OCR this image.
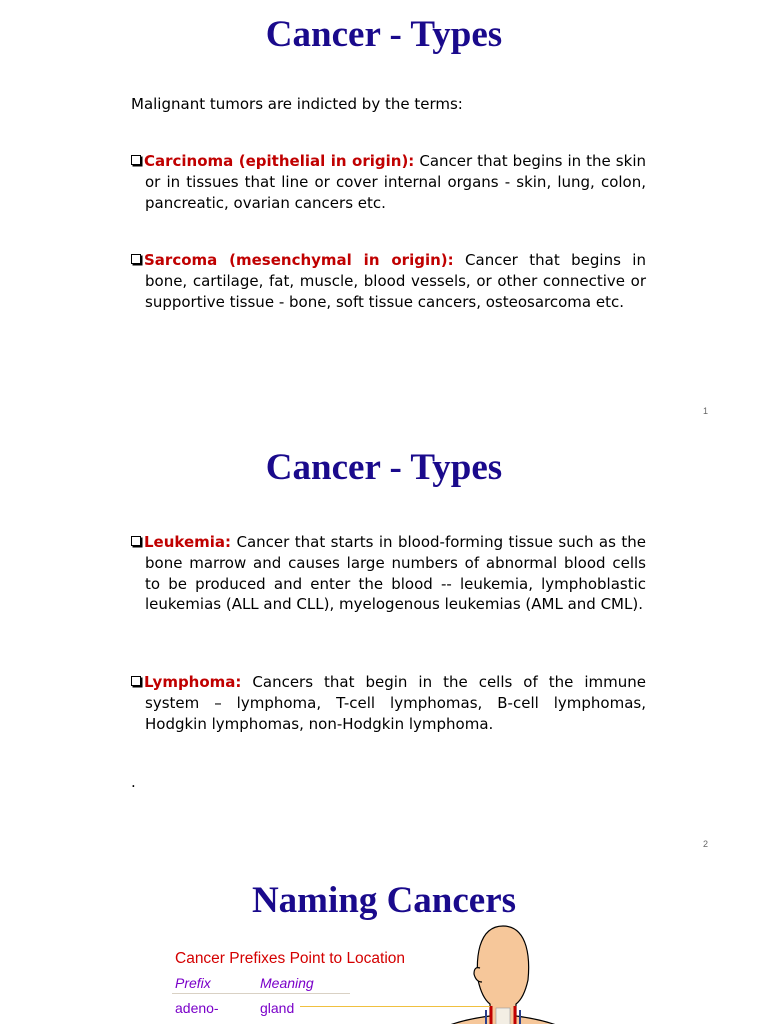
Cancer - Types
Malignant tumors are indicted by the terms:
Carcinoma (epithelial in origin): Cancer that begins in the skin or in tissues that line or cover internal organs - skin, lung, colon, pancreatic, ovarian cancers etc.
Sarcoma (mesenchymal in origin): Cancer that begins in bone, cartilage, fat, muscle, blood vessels, or other connective or supportive tissue - bone, soft tissue cancers, osteosarcoma etc.
1
Cancer - Types
Leukemia: Cancer that starts in blood-forming tissue such as the bone marrow and causes large numbers of abnormal blood cells to be produced and enter the blood -- leukemia, lymphoblastic leukemias (ALL and CLL), myelogenous leukemias (AML and CML).
Lymphoma: Cancers that begin in the cells of the immune system – lymphoma, T-cell lymphomas, B-cell lymphomas, Hodgkin lymphomas, non-Hodgkin lymphoma.
.
2
Naming Cancers
Cancer Prefixes Point to Location
Prefix	Meaning
adeno-	gland
